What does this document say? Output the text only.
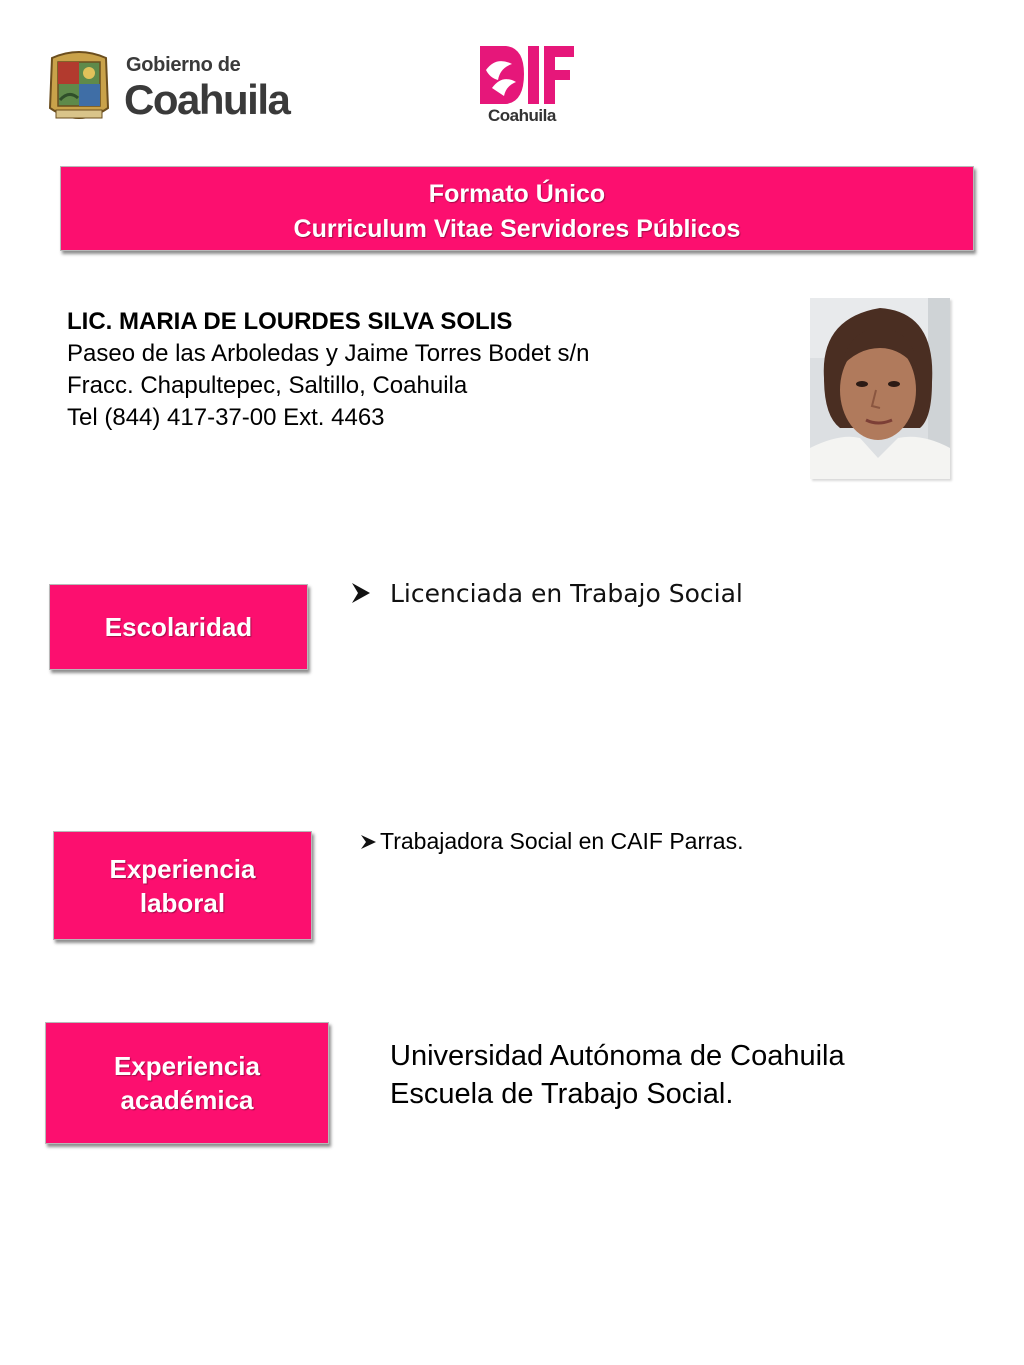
Gobierno de
Coahuila	Coahuila
Formato Único
Curriculum Vitae Servidores Públicos
LIC. MARIA DE LOURDES SILVA SOLIS
Paseo de las Arboledas y Jaime Torres Bodet s/n
Fracc. Chapultepec, Saltillo, Coahuila
Tel (844) 417-37-00 Ext. 4463
Escolaridad
Licenciada en Trabajo Social
Experiencia
laboral
Trabajadora Social en CAIF Parras.
Experiencia
académica
Universidad Autónoma de Coahuila
Escuela de Trabajo Social.
